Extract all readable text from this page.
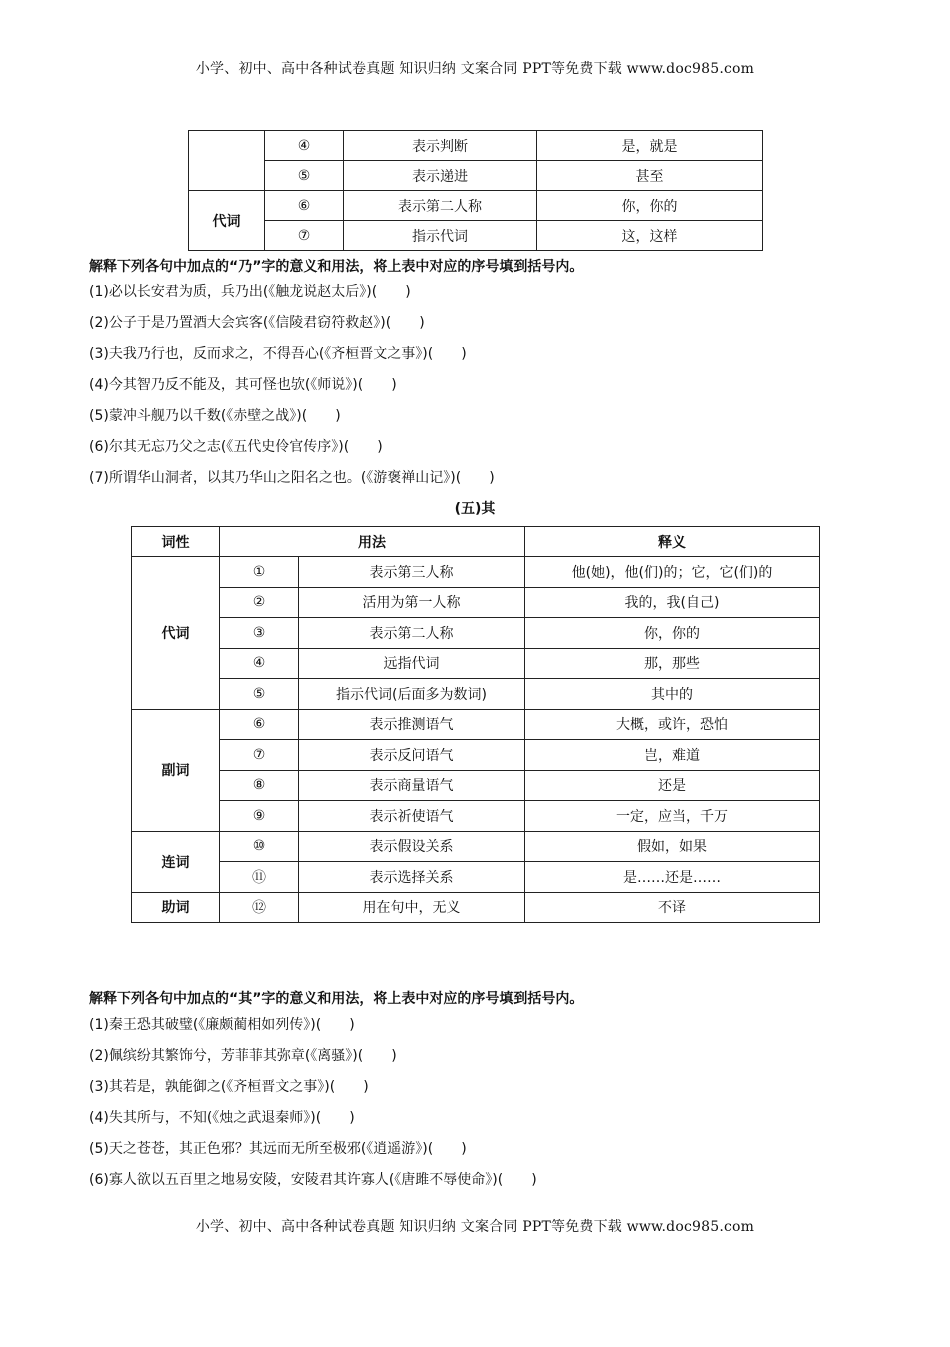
小学、初中、高中各种试卷真题 知识归纳 文案合同 PPT等免费下载 www.doc985.com
	④	表示判断	是，就是
	⑤	表示递进	甚至
代词	⑥	表示第二人称	你，你的
	⑦	指示代词	这，这样
解释下列各句中加点的“乃”字的意义和用法，将上表中对应的序号填到括号内。
(1)必以长安君为质，兵乃出(《触龙说赵太后》)(　　)
(2)公子于是乃置酒大会宾客(《信陵君窃符救赵》)(　　)
(3)夫我乃行也，反而求之，不得吾心(《齐桓晋文之事》)(　　)
(4)今其智乃反不能及，其可怪也欤(《师说》)(　　)
(5)蒙冲斗舰乃以千数(《赤壁之战》)(　　)
(6)尔其无忘乃父之志(《五代史伶官传序》)(　　)
(7)所谓华山洞者，以其乃华山之阳名之也。(《游褒禅山记》)(　　)
(五)其
词性	用法		释义
代词	①	表示第三人称	他(她)，他(们)的；它，它(们)的
	②	活用为第一人称	我的，我(自己)
	③	表示第二人称	你，你的
	④	远指代词	那，那些
	⑤	指示代词(后面多为数词)	其中的
副词	⑥	表示推测语气	大概，或许，恐怕
	⑦	表示反问语气	岂，难道
	⑧	表示商量语气	还是
	⑨	表示祈使语气	一定，应当，千万
连词	⑩	表示假设关系	假如，如果
	⑪	表示选择关系	是……还是……
助词	⑫	用在句中，无义	不译
解释下列各句中加点的“其”字的意义和用法，将上表中对应的序号填到括号内。
(1)秦王恐其破璧(《廉颇蔺相如列传》)(　　)
(2)佩缤纷其繁饰兮，芳菲菲其弥章(《离骚》)(　　)
(3)其若是，孰能御之(《齐桓晋文之事》)(　　)
(4)失其所与，不知(《烛之武退秦师》)(　　)
(5)天之苍苍，其正色邪？其远而无所至极邪(《逍遥游》)(　　)
(6)寡人欲以五百里之地易安陵，安陵君其许寡人(《唐雎不辱使命》)(　　)
小学、初中、高中各种试卷真题 知识归纳 文案合同 PPT等免费下载 www.doc985.com
